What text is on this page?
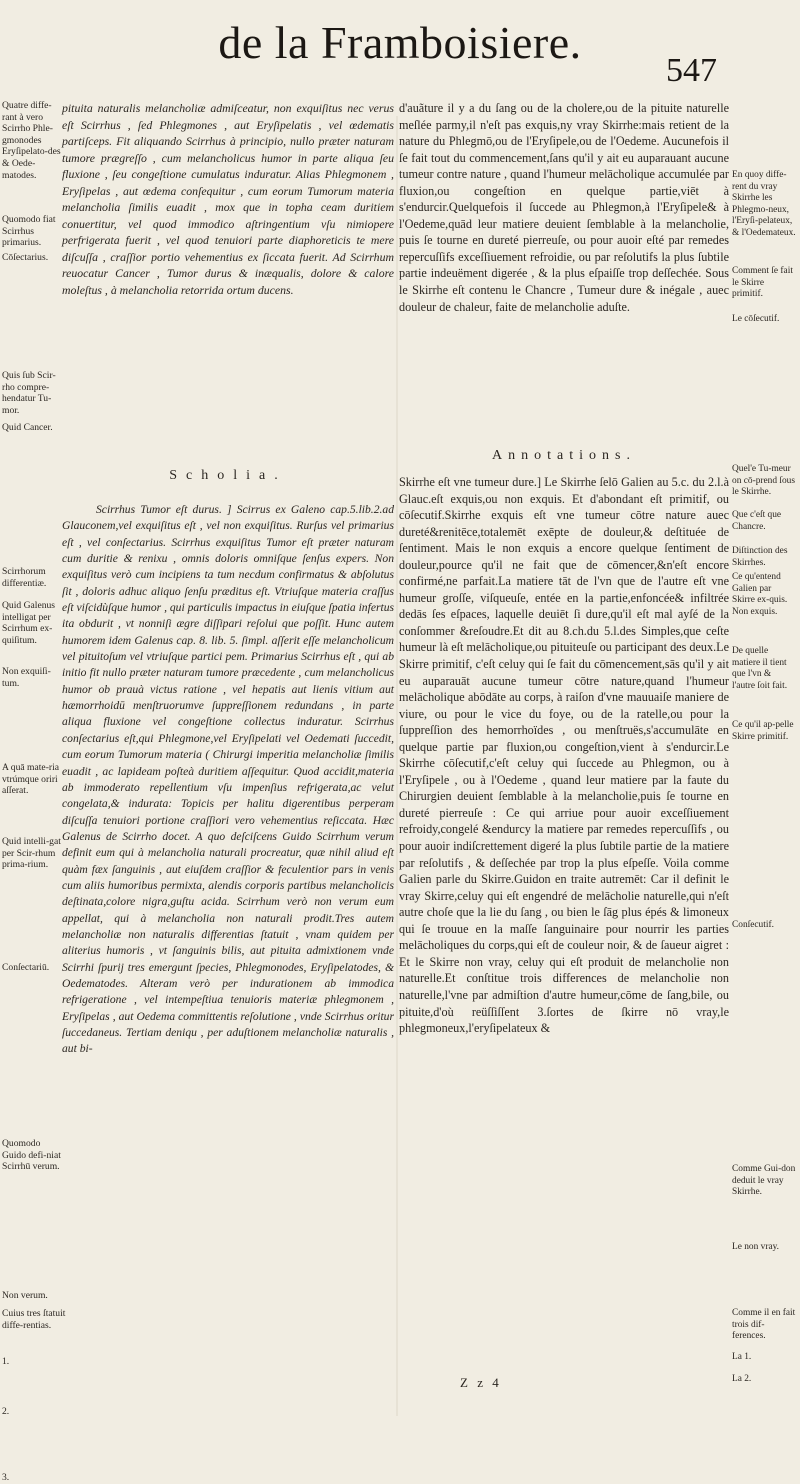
de la Framboisiere.
547
Quatre diffe-rant à vero Scirrho Phle-gmonodes Eryſipelato-des & Oede-matodes.
Quomodo fiat Scirrhus primarius.
Cōſectarius.
Quis ſub Scir-rho compre-hendatur Tu-mor.
Quid Cancer.
Scirrhorum differentiæ.
Quid Galenus intelligat per Scirrhum ex-quiſitum.
Non exquiſi-tum.
A quā mate-ria vtrúmque oriri aſſerat.
Quid intelli-gat per Scir-rhum prima-rium.
Conſectariū.
Quomodo Guido defi-niat Scirrhū verum.
Non verum.
Cuius tres ſtatuit diffe-rentias.
1.
2.
3.
pituita naturalis melancholiæ admiſceatur, non exquiſitus nec verus eſt Scirrhus , ſed Phlegmones , aut Eryſipelatis , vel œdematis partiſceps. Fit aliquando Scirrhus à principio, nullo præter naturam tumore prægreſſo , cum melancholicus humor in parte aliqua ſeu fluxione , ſeu congeſtione cumulatus induratur. Alias Phlegmonem , Eryſipelas , aut œdema conſequitur , cum eorum Tumorum materia melancholia ſimilis euadit , mox que in topha ceam duritiem conuertitur, vel quod immodico aſtringentium vſu nimiopere perfrigerata fuerit , vel quod tenuiori parte diaphoreticis te mere diſcuſſa , craſſior portio vehementius ex ſiccata fuerit. Ad Scirrhum reuocatur Cancer , Tumor durus & inæqualis, dolore & calore moleſtus , à melancholia retorrida ortum ducens.
Scholia.
Scirrhus Tumor eſt durus. ] Scirrus ex Galeno cap.5.lib.2.ad Glauconem,vel exquiſitus eſt , vel non exquiſitus. Rurſus vel primarius eſt , vel conſectarius. Scirrhus exquiſitus Tumor eſt præter naturam cum duritie & renixu , omnis doloris omniſque ſenſus expers. Non exquiſitus verò cum incipiens ta tum necdum confirmatus & abſolutus ſit , doloris adhuc aliquo ſenſu præditus eſt. Vtriuſque materia craſſus eſt viſcidùſque humor , qui particulis impactus in eiuſque ſpatia infertus ita obdurit , vt nonniſi ægre diſſipari reſolui que poſſit. Hunc autem humorem idem Galenus cap. 8. lib. 5. ſimpl. aſſerit eſſe melancholicum vel pituitoſum vel vtriuſque partici pem. Primarius Scirrhus eſt , qui ab initio fit nullo præter naturam tumore præcedente , cum melancholicus humor ob prauà victus ratione , vel hepatis aut lienis vitium aut hæmorrhoidū menſtruorumve ſuppreſſionem redundans , in parte aliqua fluxione vel congeſtione collectus induratur. Scirrhus conſectarius eſt,qui Phlegmone,vel Eryſipelati vel Oedemati ſuccedit, cum eorum Tumorum materia ( Chirurgi imperitia melancholiæ ſimilis euadit , ac lapideam poſteà duritiem aſſequitur. Quod accidit,materia ab immoderato repellentium vſu impenſius refrigerata,ac velut congelata,& indurata: Topicis per halitu digerentibus perperam diſcuſſa tenuiori portione craſſiori vero vehementius reſiccata. Hæc Galenus de Scirrho docet. A quo deſciſcens Guido Scirrhum verum definit eum qui à melancholia naturali procreatur, quæ nihil aliud eſt quàm fæx ſanguinis , aut eiuſdem craſſior & feculentior pars in venis cum aliis humoribus permixta, alendis corporis partibus melancholicis deſtinata,colore nigra,guſtu acida. Scirrhum verò non verum eum appellat, qui à melancholia non naturali prodit.Tres autem melancholiæ non naturalis differentias ſtatuit , vnam quidem per aliterius humoris , vt ſanguinis bilis, aut pituita admixtionem vnde Scirrhi ſpurij tres emergunt ſpecies, Phlegmonodes, Eryſipelatodes, & Oedematodes. Alteram verò per indurationem ab immodica refrigeratione , vel intempeſtiua tenuioris materiæ phlegmonem , Eryſipelas , aut Oedema committentis reſolutione , vnde Scirrhus oritur ſuccedaneus. Tertiam deniqu , per aduſtionem melancholiæ naturalis , aut bi-
d'auãture il y a du ſang ou de la cholere,ou de la pituite naturelle meſlée parmy,il n'eſt pas exquis,ny vray Skirrhe:mais retient de la nature du Phlegmō,ou de l'Eryſipele,ou de l'Oedeme. Aucunefois il ſe fait tout du commencement,ſans qu'il y ait eu auparauant aucune tumeur contre nature , quand l'humeur melācholique accumulée par fluxion,ou congeſtion en quelque partie,viēt à s'endurcir.Quelquefois il ſuccede au Phlegmon,à l'Eryſipele& à l'Oedeme,quād leur matiere deuient ſemblable à la melancholie, puis ſe tourne en dureté pierreuſe, ou pour auoir eſté par remedes repercuſſifs exceſſiuement refroidie, ou par reſolutifs la plus ſubtile partie indeuëment digerée , & la plus eſpaiſſe trop deſſechée. Sous le Skirrhe eſt contenu le Chancre , Tumeur dure & inégale , auec douleur de chaleur, faite de melancholie aduſte.
Annotations.
Skirrhe eſt vne tumeur dure.] Le Skirrhe ſelō Galien au 5.c. du 2.l.à Glauc.eſt exquis,ou non exquis. Et d'abondant eſt primitif, ou cōſecutif.Skirrhe exquis eſt vne tumeur cōtre nature auec dureté&renitēce,totalemēt exēpte de douleur,& deſtituée de ſentiment. Mais le non exquis a encore quelque ſentiment de douleur,pource qu'il ne fait que de cōmencer,&n'eſt encore confirmé,ne parfait.La matiere tāt de l'vn que de l'autre eſt vne humeur groſſe, viſqueuſe, entée en la partie,enfoncée& infiltrée dedās ſes eſpaces, laquelle deuiēt ſi dure,qu'il eſt mal ayſé de la conſommer &reſoudre.Et dit au 8.ch.du 5.l.des Simples,que ceſte humeur là eſt melācholique,ou pituiteuſe ou participant des deux.Le Skirre primitif, c'eſt celuy qui ſe fait du cōmencement,sās qu'il y ait eu auparauāt aucune tumeur cōtre nature,quand l'humeur melācholique abōdāte au corps, à raiſon d'vne mauuaiſe maniere de viure, ou pour le vice du foye, ou de la ratelle,ou pour la ſuppreſſion des hemorrhoïdes , ou menſtruës,s'accumulāte en quelque partie par fluxion,ou congeſtion,vient à s'endurcir.Le Skirrhe cōſecutif,c'eſt celuy qui ſuccede au Phlegmon, ou à l'Eryſipele , ou à l'Oedeme , quand leur matiere par la faute du Chirurgien deuient ſemblable à la melancholie,puis ſe tourne en dureté pierreuſe : Ce qui arriue pour auoir exceſſiuement refroidy,congelé &endurcy la matiere par remedes repercuſſifs , ou pour auoir indiſcrettement digeré la plus ſubtile partie de la matiere par reſolutifs , & deſſechée par trop la plus eſpeſſe. Voila comme Galien parle du Skirre.Guidon en traite autremēt: Car il definit le vray Skirre,celuy qui eſt engendré de melācholie naturelle,qui n'eſt autre choſe que la lie du ſang , ou bien le ſāg plus épés & limoneux qui ſe trouue en la maſſe ſanguinaire pour nourrir les parties melācholiques du corps,qui eſt de couleur noir, & de ſaueur aigret : Et le Skirre non vray, celuy qui eſt produit de melancholie non naturelle.Et conſtitue trois differences de melancholie non naturelle,l'vne par admiſtion d'autre humeur,cōme de ſang,bile, ou pituite,d'où reüſſiſſent 3.ſortes de ſkirre nō vray,le phlegmoneux,l'eryſipelateux &
En quoy diffe-rent du vray Skirrhe les Phlegmo-neux, l'Eryſi-pelateux, & l'Oedemateux.
Comment ſe fait le Skirre primitif.
Le cōſecutif.
Quel'e Tu-meur on cō-prend ſous le Skirrhe.
Que c'eſt que Chancre.
Diſtinction des Skirrhes.
Ce qu'entend Galien par Skirre ex-quis. Non exquis.
De quelle matiere il tient que l'vn & l'autre ſoit fait.
Ce qu'il ap-pelle Skirre primitif.
Conſecutif.
Comme Gui-don deduit le vray Skirrhe.
Le non vray.
Comme il en fait trois dif-ferences.
La 1.
La 2.
Z z 4
